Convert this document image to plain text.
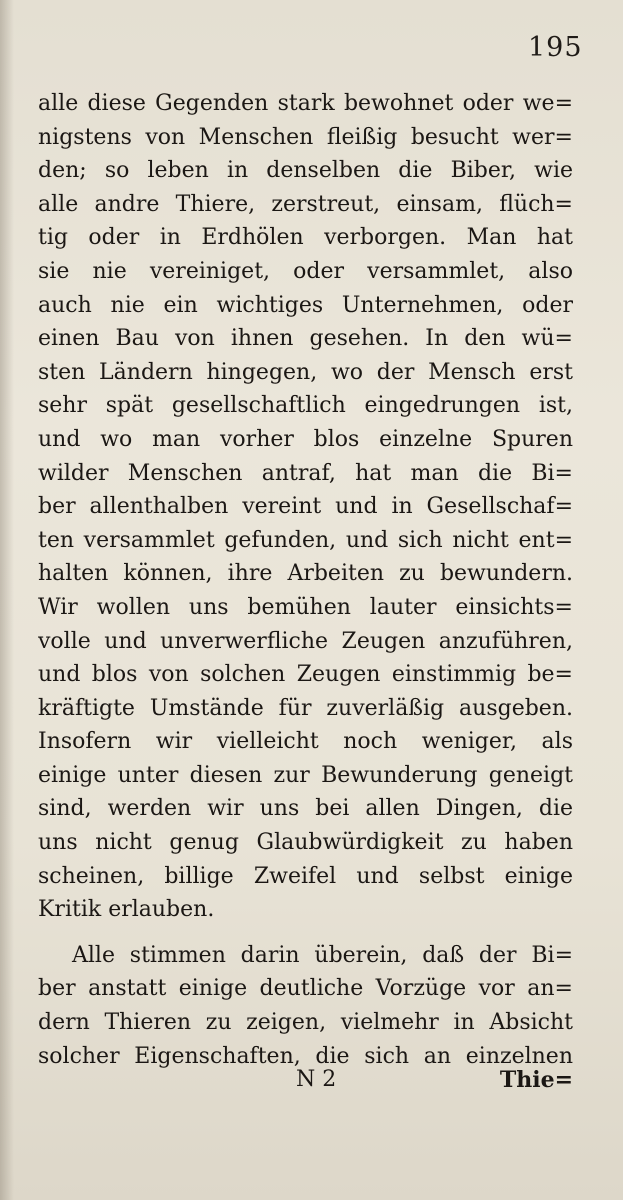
195
alle diese Gegenden stark bewohnet oder we=
nigstens von Menschen fleißig besucht wer=
den; so leben in denselben die Biber, wie
alle andre Thiere, zerstreut, einsam, flüch=
tig oder in Erdhölen verborgen. Man hat
sie nie vereiniget, oder versammlet, also
auch nie ein wichtiges Unternehmen, oder
einen Bau von ihnen gesehen. In den wü=
sten Ländern hingegen, wo der Mensch erst
sehr spät gesellschaftlich eingedrungen ist,
und wo man vorher blos einzelne Spuren
wilder Menschen antraf, hat man die Bi=
ber allenthalben vereint und in Gesellschaf=
ten versammlet gefunden, und sich nicht ent=
halten können, ihre Arbeiten zu bewundern.
Wir wollen uns bemühen lauter einsichts=
volle und unverwerfliche Zeugen anzuführen,
und blos von solchen Zeugen einstimmig be=
kräftigte Umstände für zuverläßig ausgeben.
Insofern wir vielleicht noch weniger, als
einige unter diesen zur Bewunderung geneigt
sind, werden wir uns bei allen Dingen, die
uns nicht genug Glaubwürdigkeit zu haben
scheinen, billige Zweifel und selbst einige
Kritik erlauben.
Alle stimmen darin überein, daß der Bi=
ber anstatt einige deutliche Vorzüge vor an=
dern Thieren zu zeigen, vielmehr in Absicht
solcher Eigenschaften, die sich an einzelnen
N 2	Thie=
